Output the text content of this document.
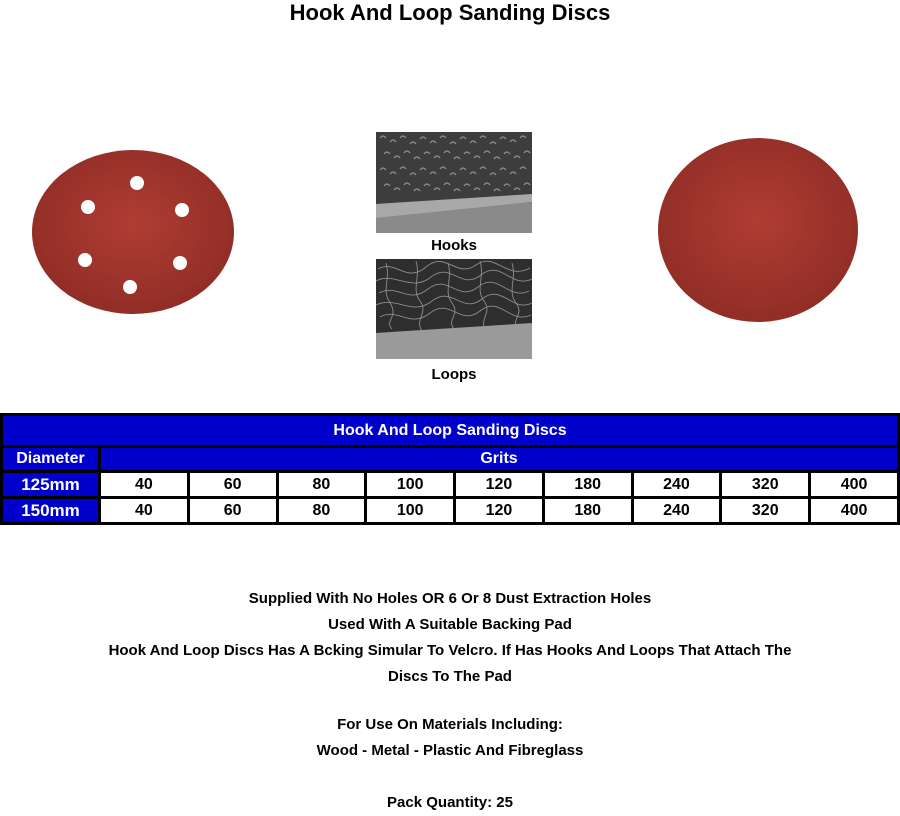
Hook And Loop Sanding Discs
Hooks
Loops
Hook And Loop Sanding Discs									
Diameter	Grits								
125mm	40	60	80	100	120	180	240	320	400
150mm	40	60	80	100	120	180	240	320	400

Supplied With No Holes OR 6 Or 8 Dust Extraction Holes

Used With A Suitable Backing Pad

Hook And Loop Discs Has A Bcking Simular To Velcro. If Has Hooks And Loops That Attach The

Discs To The Pad

For Use On Materials Including:

Wood - Metal - Plastic And Fibreglass

Pack Quantity: 25
